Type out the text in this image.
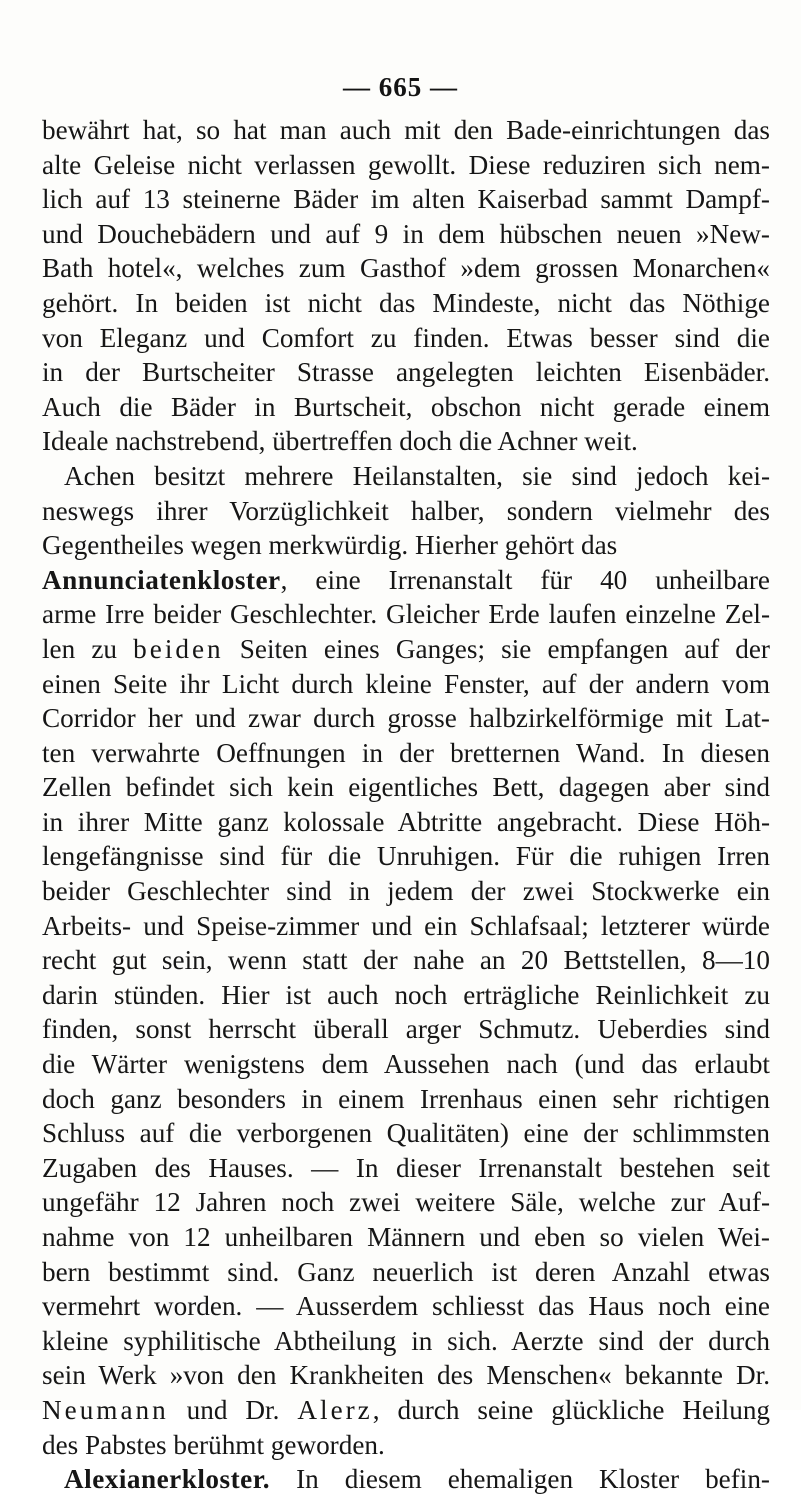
— 665 —
bewährt hat, so hat man auch mit den Bade-einrichtungen das
alte Geleise nicht verlassen gewollt. Diese reduziren sich nem-
lich auf 13 steinerne Bäder im alten Kaiserbad sammt Dampf-
und Douchebädern und auf 9 in dem hübschen neuen »New-
Bath hotel«, welches zum Gasthof »dem grossen Monarchen«
gehört. In beiden ist nicht das Mindeste, nicht das Nöthige
von Eleganz und Comfort zu finden. Etwas besser sind die
in der Burtscheiter Strasse angelegten leichten Eisenbäder.
Auch die Bäder in Burtscheit, obschon nicht gerade einem
Ideale nachstrebend, übertreffen doch die Achner weit.
Achen besitzt mehrere Heilanstalten, sie sind jedoch kei-
neswegs ihrer Vorzüglichkeit halber, sondern vielmehr des
Gegentheiles wegen merkwürdig. Hierher gehört das
Annunciatenkloster, eine Irrenanstalt für 40 unheilbare
arme Irre beider Geschlechter. Gleicher Erde laufen einzelne Zel-
len zu beiden Seiten eines Ganges; sie empfangen auf der
einen Seite ihr Licht durch kleine Fenster, auf der andern vom
Corridor her und zwar durch grosse halbzirkelförmige mit Lat-
ten verwahrte Oeffnungen in der bretternen Wand. In diesen
Zellen befindet sich kein eigentliches Bett, dagegen aber sind
in ihrer Mitte ganz kolossale Abtritte angebracht. Diese Höh-
lengefängnisse sind für die Unruhigen. Für die ruhigen Irren
beider Geschlechter sind in jedem der zwei Stockwerke ein
Arbeits- und Speise-zimmer und ein Schlafsaal; letzterer würde
recht gut sein, wenn statt der nahe an 20 Bettstellen, 8—10
darin stünden. Hier ist auch noch erträgliche Reinlichkeit zu
finden, sonst herrscht überall arger Schmutz. Ueberdies sind
die Wärter wenigstens dem Aussehen nach (und das erlaubt
doch ganz besonders in einem Irrenhaus einen sehr richtigen
Schluss auf die verborgenen Qualitäten) eine der schlimmsten
Zugaben des Hauses. — In dieser Irrenanstalt bestehen seit
ungefähr 12 Jahren noch zwei weitere Säle, welche zur Auf-
nahme von 12 unheilbaren Männern und eben so vielen Wei-
bern bestimmt sind. Ganz neuerlich ist deren Anzahl etwas
vermehrt worden. — Ausserdem schliesst das Haus noch eine
kleine syphilitische Abtheilung in sich. Aerzte sind der durch
sein Werk »von den Krankheiten des Menschen« bekannte Dr.
Neumann und Dr. Alerz, durch seine glückliche Heilung
des Pabstes berühmt geworden.
Alexianerkloster. In diesem ehemaligen Kloster befin-
